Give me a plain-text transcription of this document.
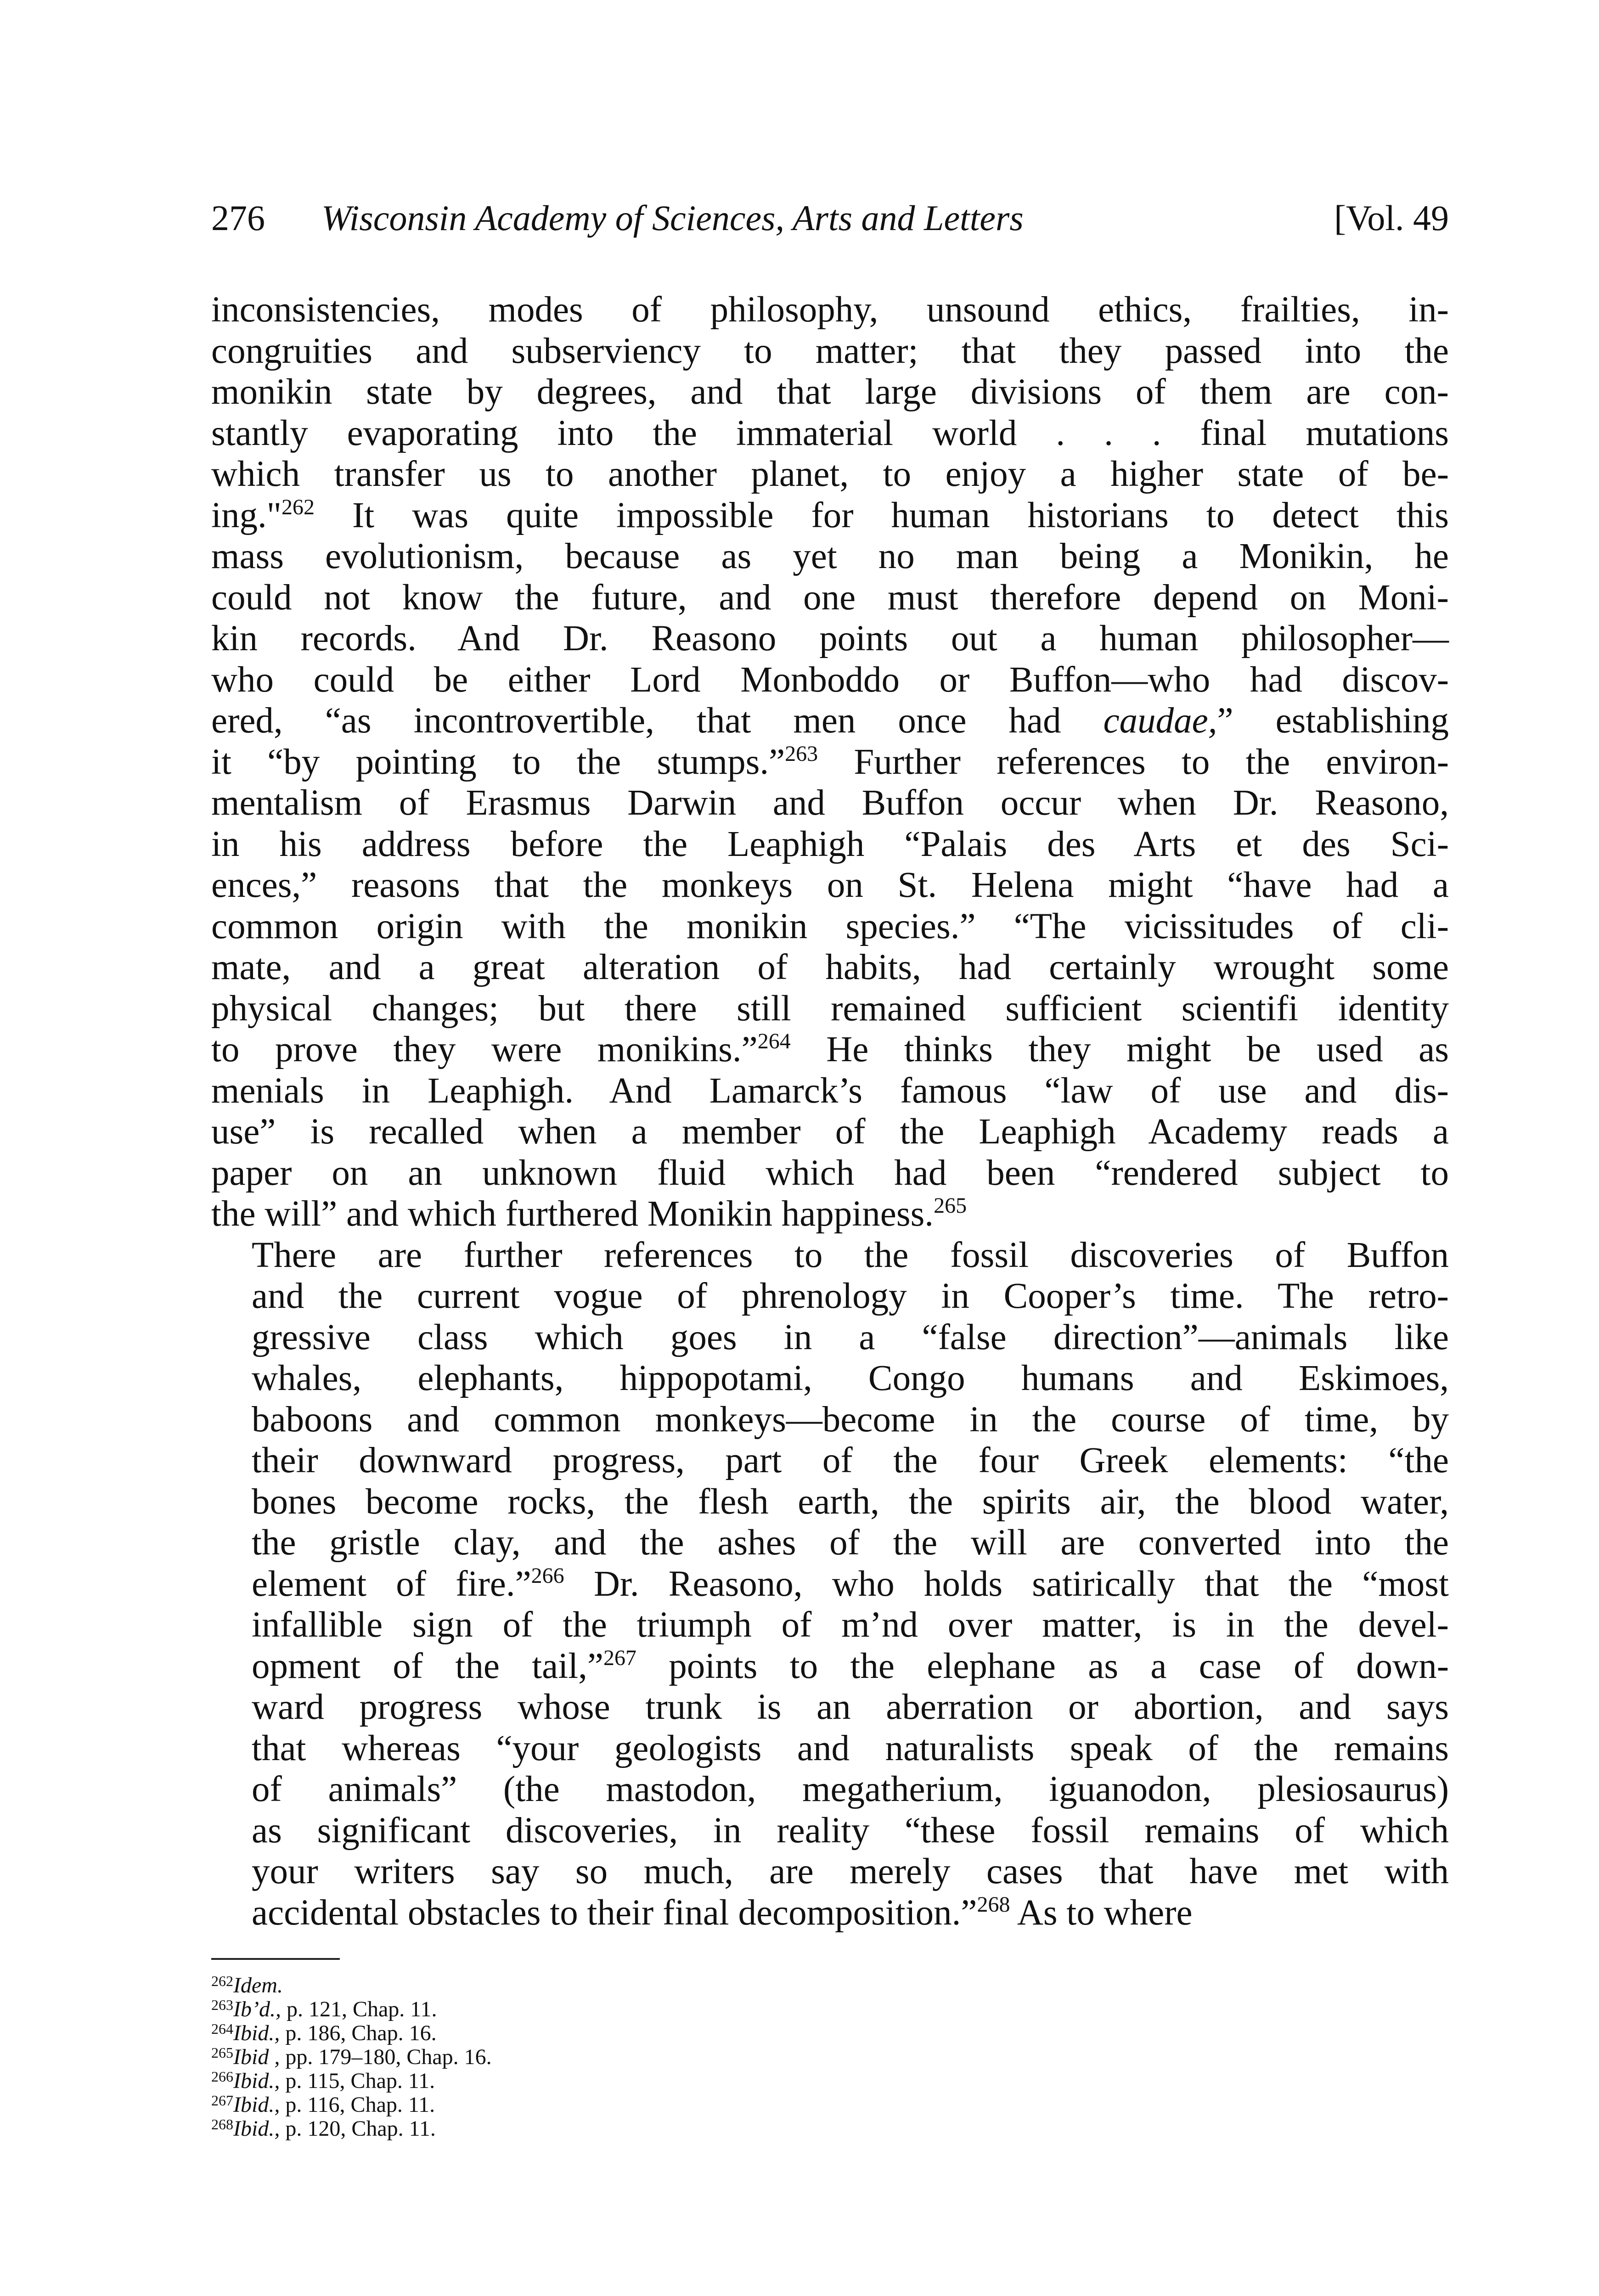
276 Wisconsin Academy of Sciences, Arts and Letters	[Vol. 49

inconsistencies, modes of philosophy, unsound ethics, frailties, in-
congruities and subserviency to matter; that they passed into the
monikin state by degrees, and that large divisions of them are con-
stantly evaporating into the immaterial world . . . final mutations
which transfer us to another planet, to enjoy a higher state of be-
ing."$^{262}$ It was quite impossible for human historians to detect this
mass evolutionism, because as yet no man being a Monikin, he
could not know the future, and one must therefore depend on Moni-
kin records. And Dr. Reasono points out a human philosopher—
who could be either Lord Monboddo or Buffon—who had discov-
ered, “as incontrovertible, that men once had caudae,” establishing
it “by pointing to the stumps.”$^{263}$ Further references to the environ-
mentalism of Erasmus Darwin and Buffon occur when Dr. Reasono,
in his address before the Leaphigh “Palais des Arts et des Sci-
ences,” reasons that the monkeys on St. Helena might “have had a
common origin with the monikin species.” “The vicissitudes of cli-
mate, and a great alteration of habits, had certainly wrought some
physical changes; but there still remained sufficient scientifi identity
to prove they were monikins.”$^{264}$ He thinks they might be used as
menials in Leaphigh. And Lamarck’s famous “law of use and dis-
use” is recalled when a member of the Leaphigh Academy reads a
paper on an unknown fluid which had been “rendered subject to
the will” and which furthered Monikin happiness.$^{265}$

There are further references to the fossil discoveries of Buffon
and the current vogue of phrenology in Cooper’s time. The retro-
gressive class which goes in a “false direction”—animals like
whales, elephants, hippopotami, Congo humans and Eskimoes,
baboons and common monkeys—become in the course of time, by
their downward progress, part of the four Greek elements: “the
bones become rocks, the flesh earth, the spirits air, the blood water,
the gristle clay, and the ashes of the will are converted into the
element of fire.”$^{266}$ Dr. Reasono, who holds satirically that the “most
infallible sign of the triumph of m’nd over matter, is in the devel-
opment of the tail,”$^{267}$ points to the elephane as a case of down-
ward progress whose trunk is an aberration or abortion, and says
that whereas “your geologists and naturalists speak of the remains
of animals” (the mastodon, megatherium, iguanodon, plesiosaurus)
as significant discoveries, in reality “these fossil remains of which
your writers say so much, are merely cases that have met with
accidental obstacles to their final decomposition.”$^{268}$ As to where

$^{262}$Idem.
$^{263}$Ib’d., p. 121, Chap. 11.
$^{264}$Ibid., p. 186, Chap. 16.
$^{265}$Ibid , pp. 179–180, Chap. 16.
$^{266}$Ibid., p. 115, Chap. 11.
$^{267}$Ibid., p. 116, Chap. 11.
$^{268}$Ibid., p. 120, Chap. 11.
